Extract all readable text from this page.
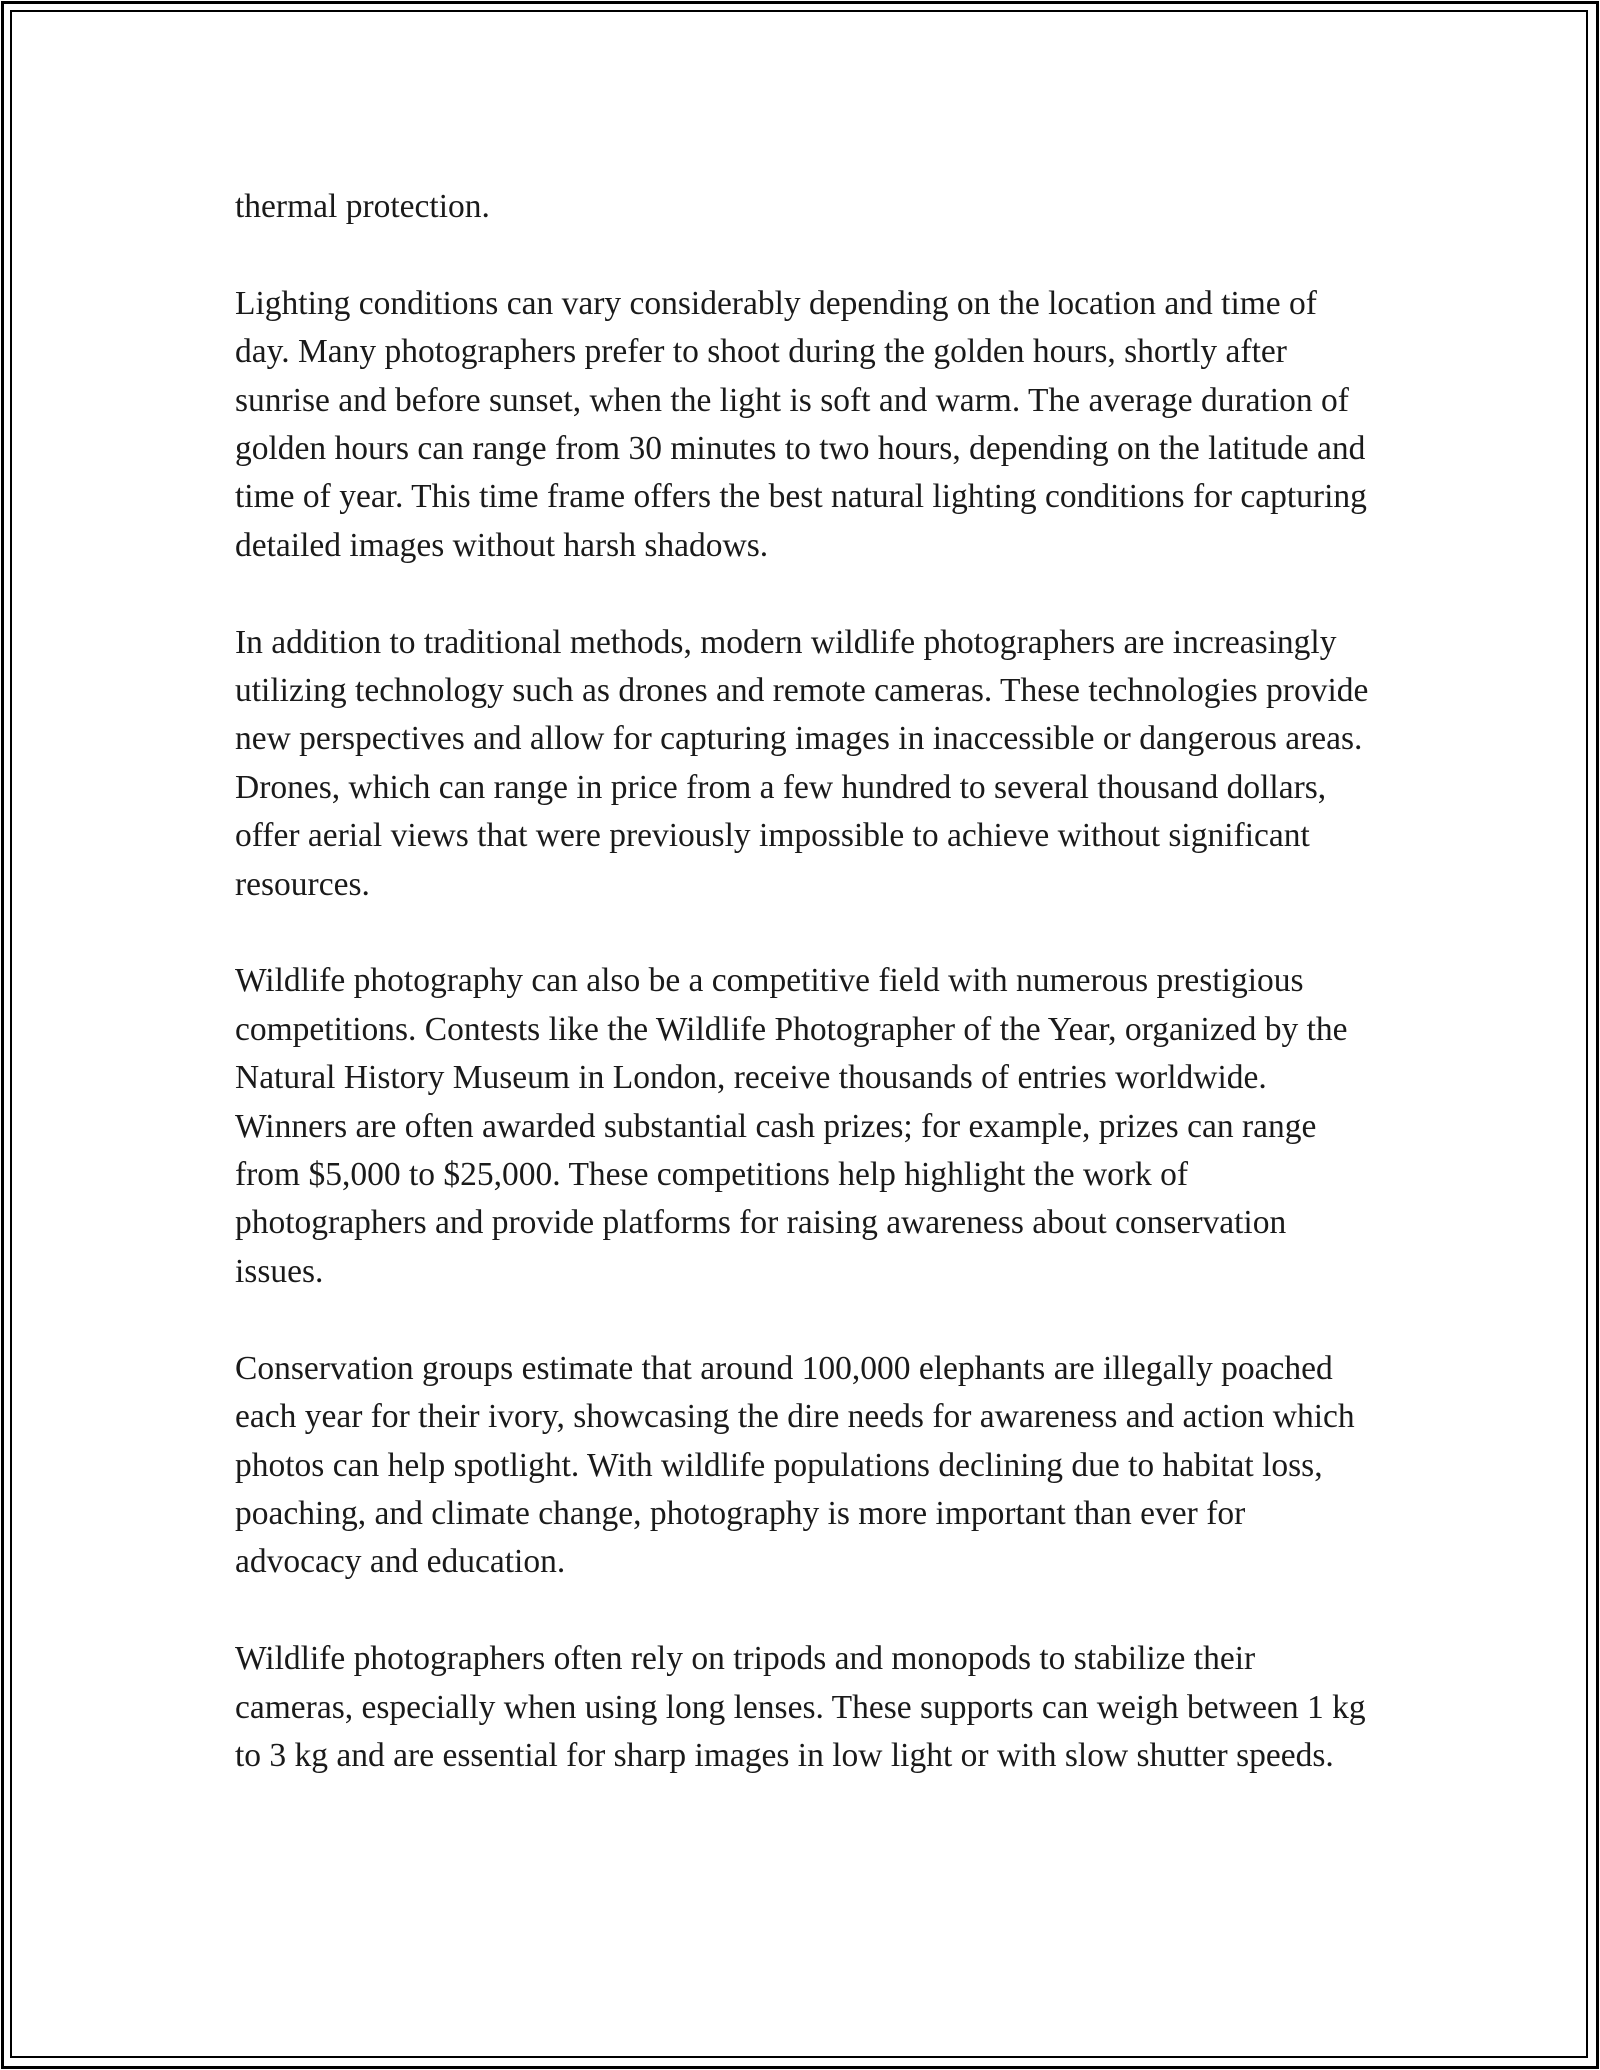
thermal protection.

Lighting conditions can vary considerably depending on the location and time of day. Many photographers prefer to shoot during the golden hours, shortly after sunrise and before sunset, when the light is soft and warm. The average duration of golden hours can range from 30 minutes to two hours, depending on the latitude and time of year. This time frame offers the best natural lighting conditions for capturing detailed images without harsh shadows.

In addition to traditional methods, modern wildlife photographers are increasingly utilizing technology such as drones and remote cameras. These technologies provide new perspectives and allow for capturing images in inaccessible or dangerous areas. Drones, which can range in price from a few hundred to several thousand dollars, offer aerial views that were previously impossible to achieve without significant resources.

Wildlife photography can also be a competitive field with numerous prestigious competitions. Contests like the Wildlife Photographer of the Year, organized by the Natural History Museum in London, receive thousands of entries worldwide. Winners are often awarded substantial cash prizes; for example, prizes can range from $5,000 to $25,000. These competitions help highlight the work of photographers and provide platforms for raising awareness about conservation issues.

Conservation groups estimate that around 100,000 elephants are illegally poached each year for their ivory, showcasing the dire needs for awareness and action which photos can help spotlight. With wildlife populations declining due to habitat loss, poaching, and climate change, photography is more important than ever for advocacy and education.

Wildlife photographers often rely on tripods and monopods to stabilize their cameras, especially when using long lenses. These supports can weigh between 1 kg to 3 kg and are essential for sharp images in low light or with slow shutter speeds.
